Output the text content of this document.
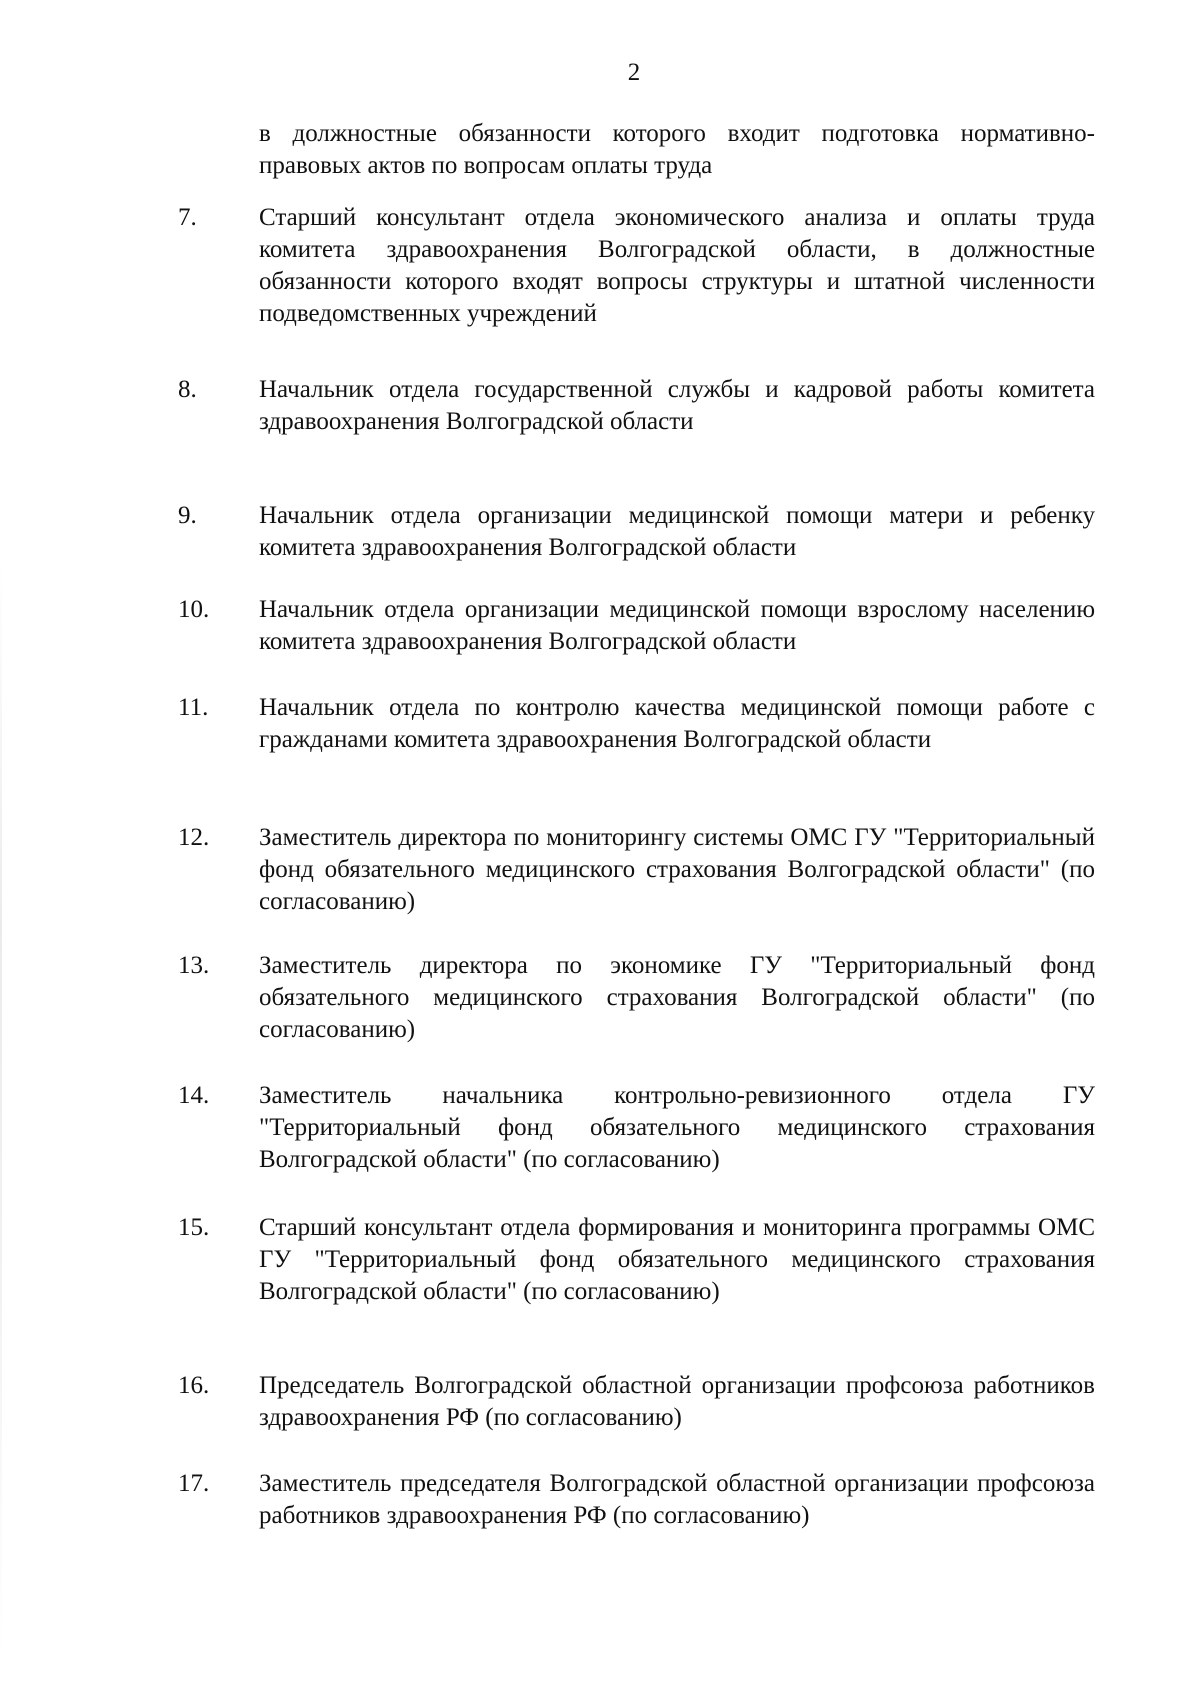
2
в должностные обязанности которого входит подготовка нормативно-правовых актов по вопросам оплаты труда
7. Старший консультант отдела экономического анализа и оплаты труда комитета здравоохранения Волгоградской области, в должностные обязанности которого входят вопросы структуры и штатной численности подведомственных учреждений
8. Начальник отдела государственной службы и кадровой работы комитета здравоохранения Волгоградской области
9. Начальник отдела организации медицинской помощи матери и ребенку комитета здравоохранения Волгоградской области
10. Начальник отдела организации медицинской помощи взрослому населению комитета здравоохранения Волгоградской области
11. Начальник отдела по контролю качества медицинской помощи работе с гражданами комитета здравоохранения Волгоградской области
12. Заместитель директора по мониторингу системы ОМС ГУ "Территориальный фонд обязательного медицинского страхования Волгоградской области" (по согласованию)
13. Заместитель директора по экономике ГУ "Территориальный фонд обязательного медицинского страхования Волгоградской области" (по согласованию)
14. Заместитель начальника контрольно-ревизионного отдела ГУ "Территориальный фонд обязательного медицинского страхования Волгоградской области" (по согласованию)
15. Старший консультант отдела формирования и мониторинга программы ОМС ГУ "Территориальный фонд обязательного медицинского страхования Волгоградской области" (по согласованию)
16. Председатель Волгоградской областной организации профсоюза работников здравоохранения РФ (по согласованию)
17. Заместитель председателя Волгоградской областной организации профсоюза работников здравоохранения РФ (по согласованию)
